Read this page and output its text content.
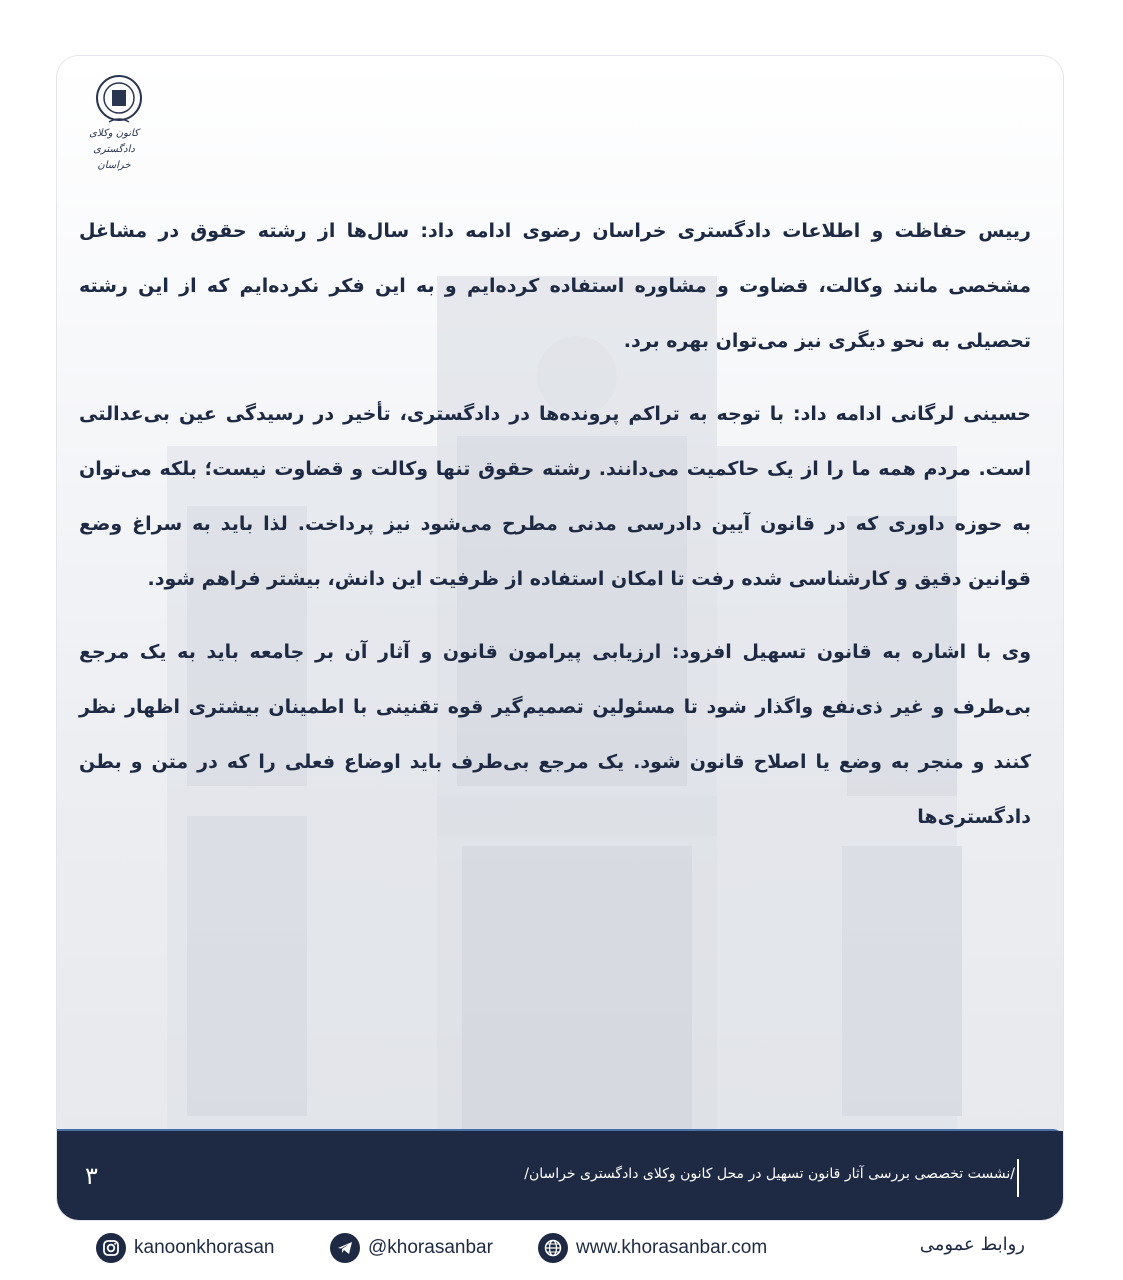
کانون وکلای دادگستری
خراسان

رییس حفاظت و اطلاعات دادگستری خراسان رضوی ادامه داد: سال‌ها از رشته حقوق در مشاغل مشخصی مانند وکالت، قضاوت و مشاوره استفاده کرده‌ایم و به این فکر نکرده‌ایم که از این رشته تحصیلی به نحو دیگری نیز می‌توان بهره برد.

حسینی لرگانی ادامه داد: با توجه به تراکم پرونده‌ها در دادگستری، تأخیر در رسیدگی عین بی‌عدالتی است. مردم همه ما را از یک حاکمیت می‌دانند. رشته حقوق تنها وکالت و قضاوت نیست؛ بلکه می‌توان به حوزه داوری که در قانون آیین دادرسی مدنی مطرح می‌شود نیز پرداخت. لذا باید به سراغ وضع قوانین دقیق و کارشناسی شده رفت تا امکان استفاده از ظرفیت این دانش، بیشتر فراهم شود.

وی با اشاره به قانون تسهیل افزود: ارزیابی پیرامون قانون و آثار آن بر جامعه باید به یک مرجع بی‌طرف و غیر ذی‌نفع واگذار شود تا مسئولین تصمیم‌گیر قوه تقنینی با اطمینان بیشتری اظهار نظر کنند و منجر به وضع یا اصلاح قانون شود. یک مرجع بی‌طرف باید اوضاع فعلی را که در متن و بطن دادگستری‌ها

/نشست تخصصی بررسی آثار قانون تسهیل در محل کانون وکلای دادگستری خراسان/
۳
kanoonkhorasan	@khorasanbar	www.khorasanbar.com	روابط عمومی
